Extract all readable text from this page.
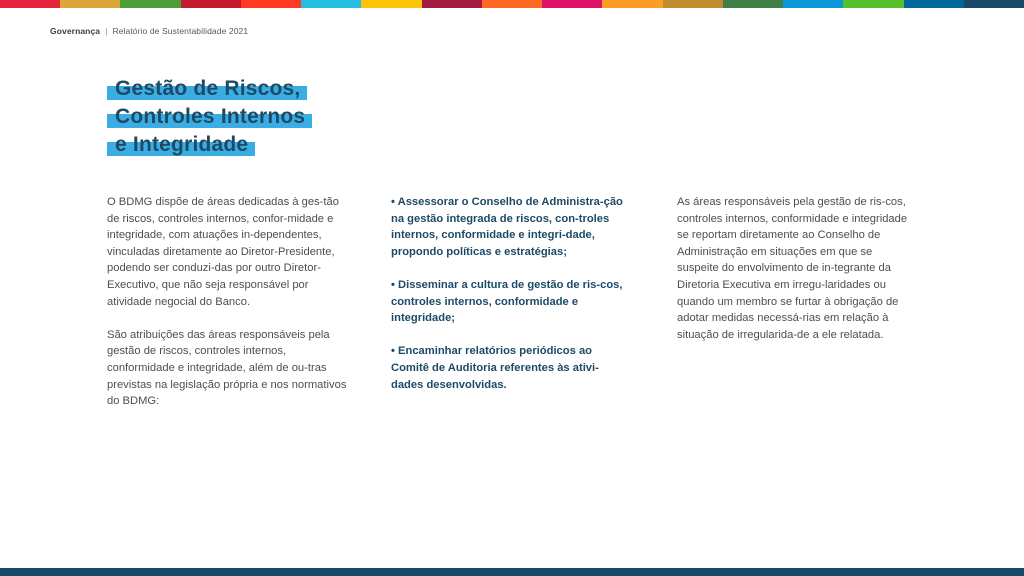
Governança | Relatório de Sustentabilidade 2021
Gestão de Riscos,
Controles Internos
e Integridade

O BDMG dispõe de áreas dedicadas à ges-tão de riscos, controles internos, confor-midade e integridade, com atuações in-dependentes, vinculadas diretamente ao Diretor-Presidente, podendo ser conduzi-das por outro Diretor-Executivo, que não seja responsável por atividade negocial do Banco.

São atribuições das áreas responsáveis pela gestão de riscos, controles internos, conformidade e integridade, além de ou-tras previstas na legislação própria e nos normativos do BDMG:

• Assessorar o Conselho de Administra-ção na gestão integrada de riscos, con-troles internos, conformidade e integri-dade, propondo políticas e estratégias;

• Disseminar a cultura de gestão de ris-cos, controles internos, conformidade e integridade;

• Encaminhar relatórios periódicos ao Comitê de Auditoria referentes às ativi-dades desenvolvidas.

As áreas responsáveis pela gestão de ris-cos, controles internos, conformidade e integridade se reportam diretamente ao Conselho de Administração em situações em que se suspeite do envolvimento de in-tegrante da Diretoria Executiva em irregu-laridades ou quando um membro se furtar à obrigação de adotar medidas necessá-rias em relação à situação de irregularida-de a ele relatada.
